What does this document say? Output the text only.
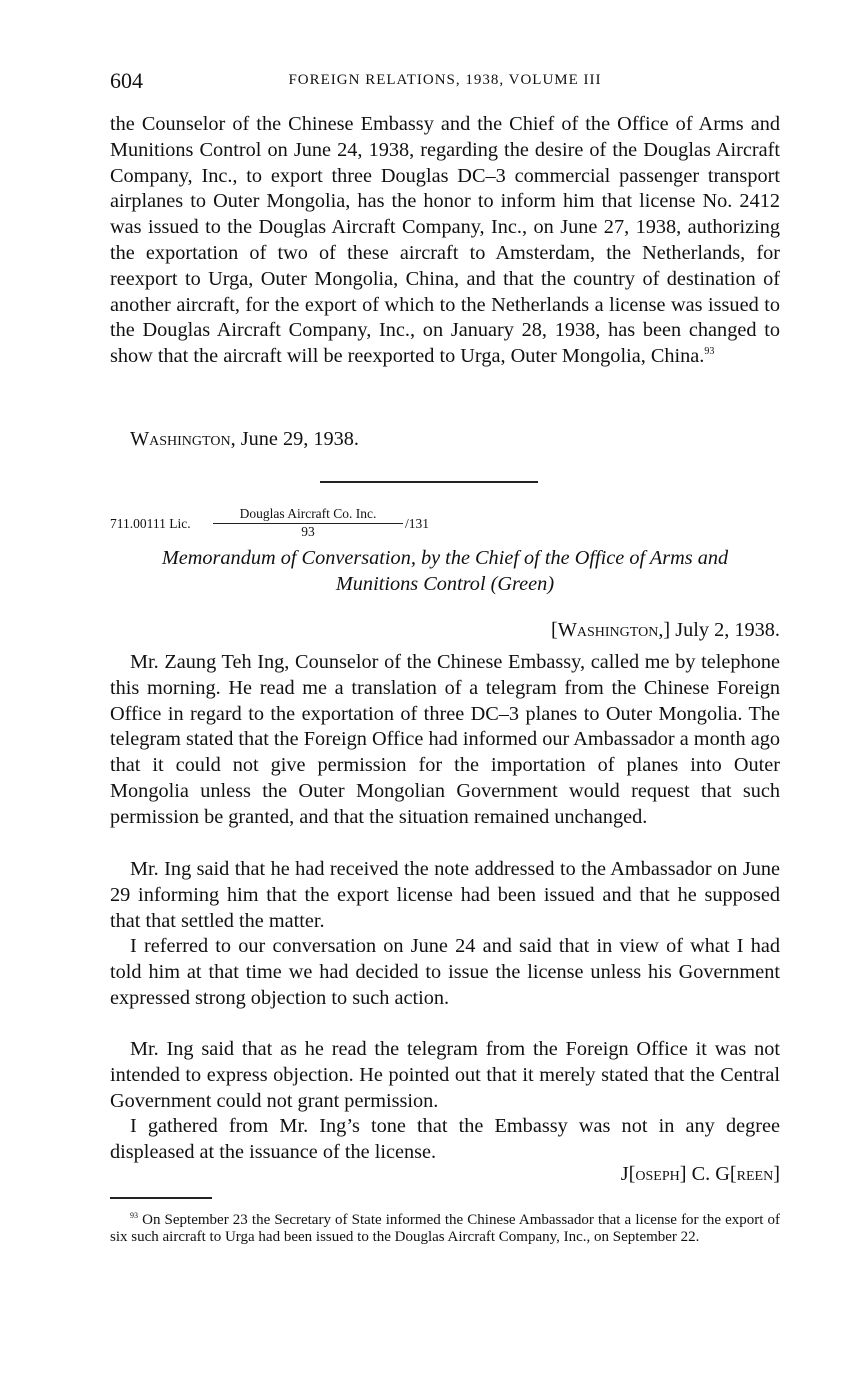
604	FOREIGN RELATIONS, 1938, VOLUME III

the Counselor of the Chinese Embassy and the Chief of the Office of Arms and Munitions Control on June 24, 1938, regarding the desire of the Douglas Aircraft Company, Inc., to export three Douglas DC–3 commercial passenger transport airplanes to Outer Mongolia, has the honor to inform him that license No. 2412 was issued to the Douglas Aircraft Company, Inc., on June 27, 1938, authorizing the exportation of two of these aircraft to Amsterdam, the Netherlands, for reexport to Urga, Outer Mongolia, China, and that the country of destination of another aircraft, for the export of which to the Netherlands a license was issued to the Douglas Aircraft Company, Inc., on January 28, 1938, has been changed to show that the aircraft will be reexported to Urga, Outer Mongolia, China.$^{93}$

Washington, June 29, 1938.

711.00111 Lic.
Douglas Aircraft Co. Inc.
93
/131
Memorandum of Conversation, by the Chief of the Office of Arms and
Munitions Control (Green)

[Washington,] July 2, 1938.

Mr. Zaung Teh Ing, Counselor of the Chinese Embassy, called me by telephone this morning. He read me a translation of a telegram from the Chinese Foreign Office in regard to the exportation of three DC–3 planes to Outer Mongolia. The telegram stated that the Foreign Office had informed our Ambassador a month ago that it could not give permission for the importation of planes into Outer Mongolia unless the Outer Mongolian Government would request that such permission be granted, and that the situation remained unchanged.

Mr. Ing said that he had received the note addressed to the Ambassador on June 29 informing him that the export license had been issued and that he supposed that that settled the matter.

I referred to our conversation on June 24 and said that in view of what I had told him at that time we had decided to issue the license unless his Government expressed strong objection to such action.

Mr. Ing said that as he read the telegram from the Foreign Office it was not intended to express objection. He pointed out that it merely stated that the Central Government could not grant permission.

I gathered from Mr. Ing’s tone that the Embassy was not in any degree displeased at the issuance of the license.

J[oseph] C. G[reen]

$^{93}$ On September 23 the Secretary of State informed the Chinese Ambassador that a license for the export of six such aircraft to Urga had been issued to the Douglas Aircraft Company, Inc., on September 22.
